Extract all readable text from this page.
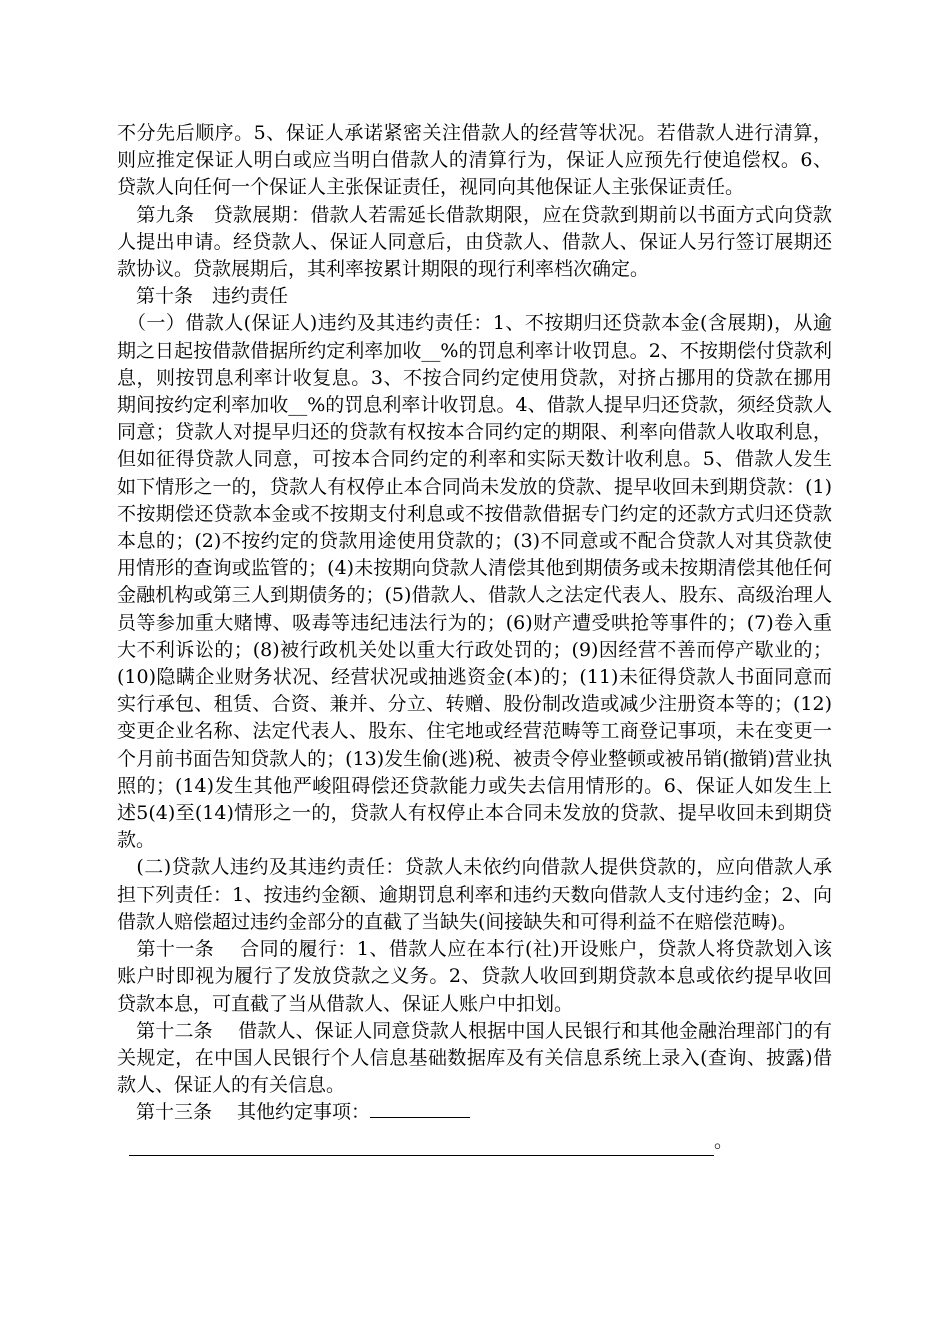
不分先后顺序。5、保证人承诺紧密关注借款人的经营等状况。若借款人进行清算，则应推定保证人明白或应当明白借款人的清算行为，保证人应预先行使追偿权。6、贷款人向任何一个保证人主张保证责任，视同向其他保证人主张保证责任。

　第九条　贷款展期：借款人若需延长借款期限，应在贷款到期前以书面方式向贷款人提出申请。经贷款人、保证人同意后，由贷款人、借款人、保证人另行签订展期还款协议。贷款展期后，其利率按累计期限的现行利率档次确定。

　第十条　违约责任

　（一）借款人(保证人)违约及其违约责任：1、不按期归还贷款本金(含展期)，从逾期之日起按借款借据所约定利率加收__%的罚息利率计收罚息。2、不按期偿付贷款利息，则按罚息利率计收复息。3、不按合同约定使用贷款，对挤占挪用的贷款在挪用期间按约定利率加收__%的罚息利率计收罚息。4、借款人提早归还贷款，须经贷款人同意；贷款人对提早归还的贷款有权按本合同约定的期限、利率向借款人收取利息，但如征得贷款人同意，可按本合同约定的利率和实际天数计收利息。5、借款人发生如下情形之一的，贷款人有权停止本合同尚未发放的贷款、提早收回未到期贷款：(1)不按期偿还贷款本金或不按期支付利息或不按借款借据专门约定的还款方式归还贷款本息的；(2)不按约定的贷款用途使用贷款的；(3)不同意或不配合贷款人对其贷款使用情形的查询或监管的；(4)未按期向贷款人清偿其他到期债务或未按期清偿其他任何金融机构或第三人到期债务的；(5)借款人、借款人之法定代表人、股东、高级治理人员等参加重大赌博、吸毒等违纪违法行为的；(6)财产遭受哄抢等事件的；(7)卷入重大不利诉讼的；(8)被行政机关处以重大行政处罚的；(9)因经营不善而停产歇业的；(10)隐瞒企业财务状况、经营状况或抽逃资金(本)的；(11)未征得贷款人书面同意而实行承包、租赁、合资、兼并、分立、转赠、股份制改造或减少注册资本等的；(12)变更企业名称、法定代表人、股东、住宅地或经营范畴等工商登记事项，未在变更一个月前书面告知贷款人的；(13)发生偷(逃)税、被责令停业整顿或被吊销(撤销)营业执照的；(14)发生其他严峻阻碍偿还贷款能力或失去信用情形的。6、保证人如发生上述5(4)至(14)情形之一的，贷款人有权停止本合同未发放的贷款、提早收回未到期贷款。

　(二)贷款人违约及其违约责任：贷款人未依约向借款人提供贷款的，应向借款人承担下列责任：1、按违约金额、逾期罚息利率和违约天数向借款人支付违约金；2、向借款人赔偿超过违约金部分的直截了当缺失(间接缺失和可得利益不在赔偿范畴)。

　第十一条　 合同的履行：1、借款人应在本行(社)开设账户，贷款人将贷款划入该账户时即视为履行了发放贷款之义务。2、贷款人收回到期贷款本息或依约提早收回贷款本息，可直截了当从借款人、保证人账户中扣划。

　第十二条　 借款人、保证人同意贷款人根据中国人民银行和其他金融治理部门的有关规定，在中国人民银行个人信息基础数据库及有关信息系统上录入(查询、披露)借款人、保证人的有关信息。

　第十三条　 其他约定事项：

。
